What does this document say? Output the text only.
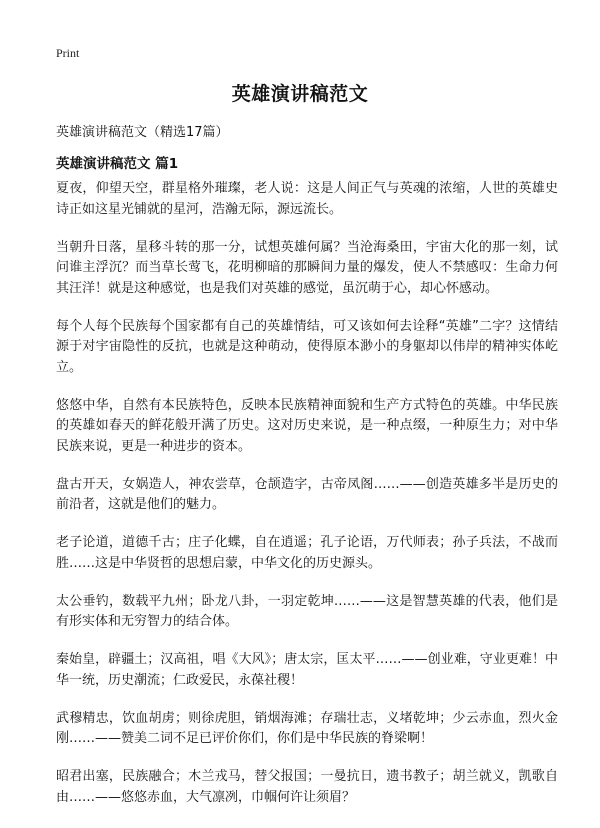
Print
英雄演讲稿范文

英雄演讲稿范文（精选17篇）

英雄演讲稿范文 篇1

夏夜，仰望天空，群星格外璀璨，老人说：这是人间正气与英魂的浓缩，人世的英雄史诗正如这星光铺就的星河，浩瀚无际，源远流长。

当朝升日落，星移斗转的那一分，试想英雄何属？当沧海桑田，宇宙大化的那一刻，试问谁主浮沉？而当草长莺飞，花明柳暗的那瞬间力量的爆发，使人不禁感叹：生命力何其汪洋！就是这种感觉，也是我们对英雄的感觉，虽沉萌于心，却心怀感动。

每个人每个民族每个国家都有自己的英雄情结，可又该如何去诠释“英雄”二字？这情结源于对宇宙隐性的反抗，也就是这种萌动，使得原本渺小的身躯却以伟岸的精神实体屹立。

悠悠中华，自然有本民族特色，反映本民族精神面貌和生产方式特色的英雄。中华民族的英雄如春天的鲜花般开满了历史。这对历史来说，是一种点缀，一种原生力；对中华民族来说，更是一种进步的资本。

盘古开天，女娲造人，神农尝草，仓颉造字，古帝凤阁……——创造英雄多半是历史的前沿者，这就是他们的魅力。

老子论道，道德千古；庄子化蝶，自在逍遥；孔子论语，万代师表；孙子兵法，不战而胜……这是中华贤哲的思想启蒙，中华文化的历史源头。

太公垂钓，数载平九州；卧龙八卦，一羽定乾坤……——这是智慧英雄的代表，他们是有形实体和无穷智力的结合体。

秦始皇，辟疆土；汉高祖，唱《大风》；唐太宗，匡太平……——创业难，守业更难！中华一统，历史潮流；仁政爱民，永葆社稷！

武穆精忠，饮血胡虏；则徐虎胆，销烟海滩；存瑞壮志，义堵乾坤；少云赤血，烈火金刚……——赞美二词不足已评价你们，你们是中华民族的脊梁啊！

昭君出塞，民族融合；木兰戎马，替父报国；一曼抗日，遗书教子；胡兰就义，凯歌自由……——悠悠赤血，大气凛冽，巾帼何许让须眉？
